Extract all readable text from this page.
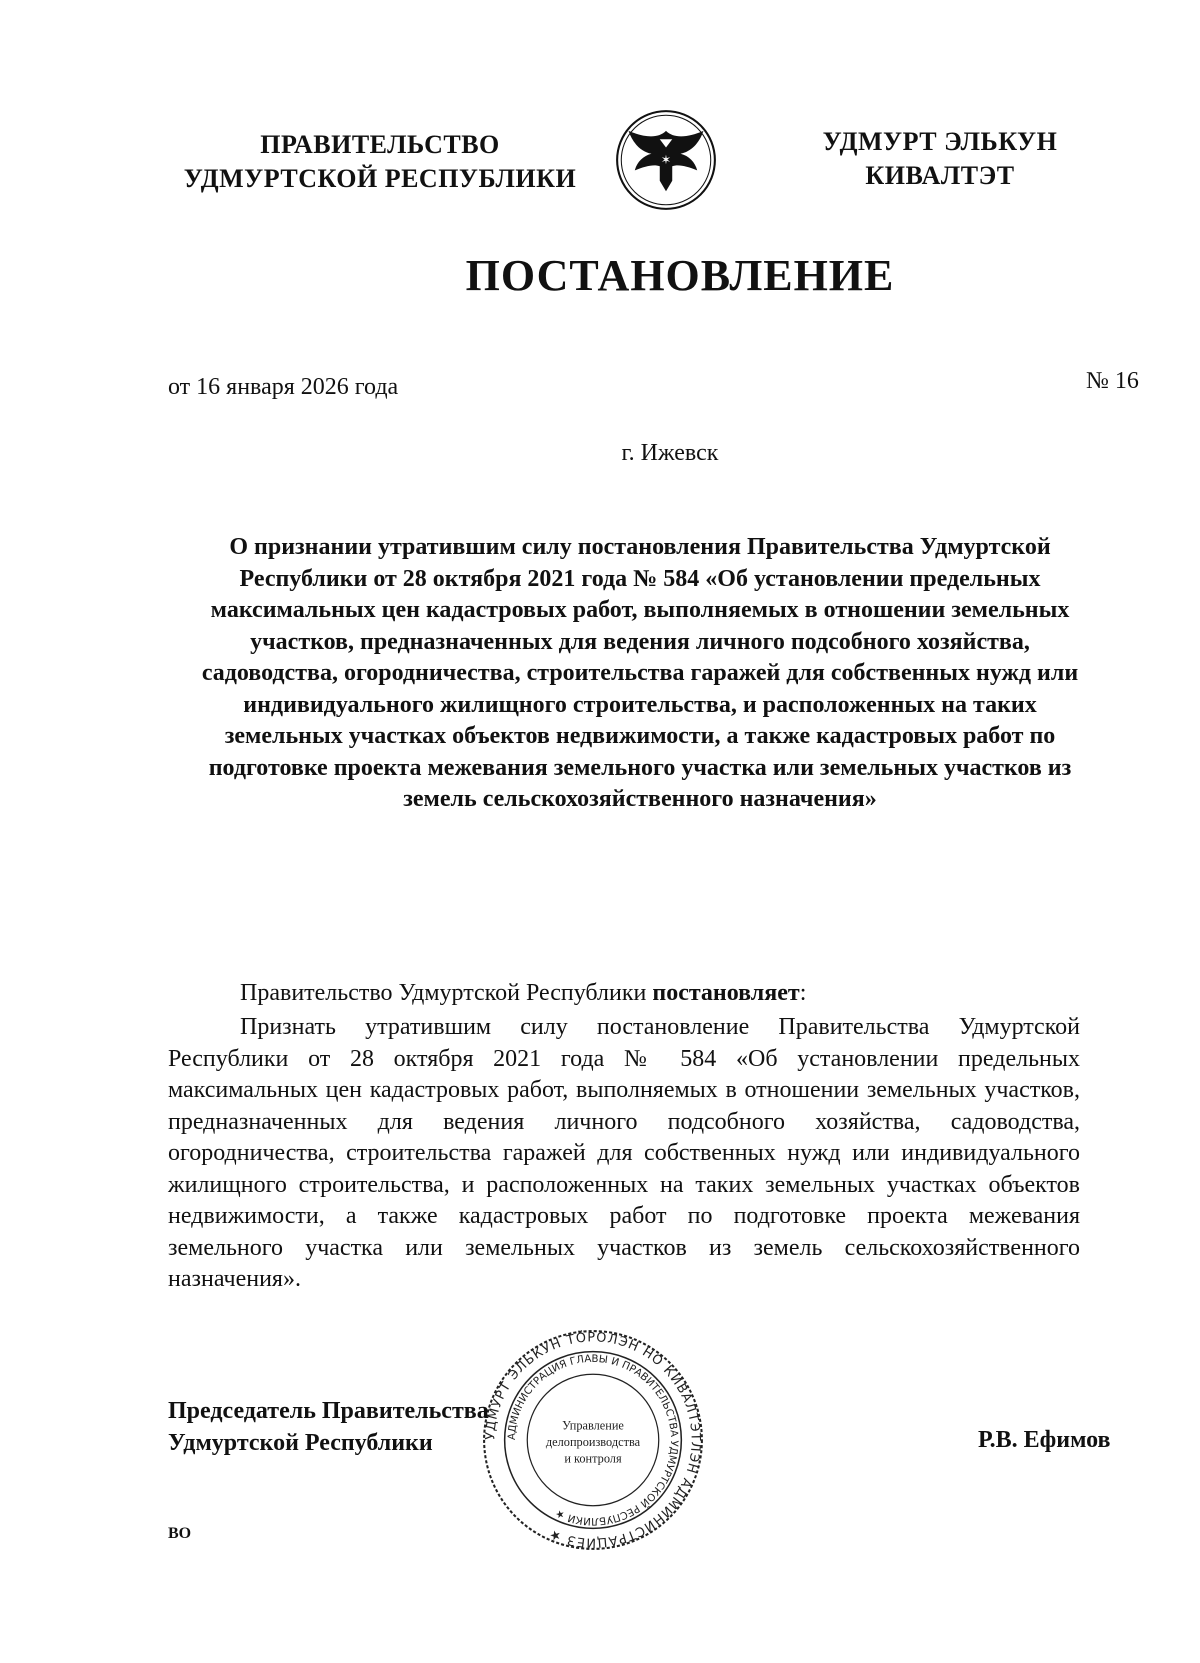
ПРАВИТЕЛЬСТВО
УДМУРТСКОЙ РЕСПУБЛИКИ
✶
УДМУРТ ЭЛЬКУН
КИВАЛТЭТ
ПОСТАНОВЛЕНИЕ
от 16 января 2026 года	№ 16
г. Ижевск

О признании утратившим силу постановления Правительства Удмуртской Республики от 28 октября 2021 года № 584 «Об установлении предельных максимальных цен кадастровых работ, выполняемых в отношении земельных участков, предназначенных для ведения личного подсобного хозяйства, садоводства, огородничества, строительства гаражей для собственных нужд или индивидуального жилищного строительства, и расположенных на таких земельных участках объектов недвижимости, а также кадастровых работ по подготовке проекта межевания земельного участка или земельных участков из земель сельскохозяйственного назначения»

Правительство Удмуртской Республики постановляет:

Признать утратившим силу постановление Правительства Удмуртской Республики от 28 октября 2021 года № 584 «Об установлении предельных максимальных цен кадастровых работ, выполняемых в отношении земельных участков, предназначенных для ведения личного подсобного хозяйства, садоводства, огородничества, строительства гаражей для собственных нужд или индивидуального жилищного строительства, и расположенных на таких земельных участках объектов недвижимости, а также кадастровых работ по подготовке проекта межевания земельного участка или земельных участков из земель сельскохозяйственного назначения».

УДМУРТ ЭЛЬКУН ТӦРОЛЭН НО КИВАЛТЭТЛЭН АДМИНИСТРАЦИЕЗ ★
АДМИНИСТРАЦИЯ ГЛАВЫ И ПРАВИТЕЛЬСТВА УДМУРТСКОЙ РЕСПУБЛИКИ ★
Управление
делопроизводства
и контроля
Председатель Правительства
Удмуртской Республики	Р.В. Ефимов
ВО
